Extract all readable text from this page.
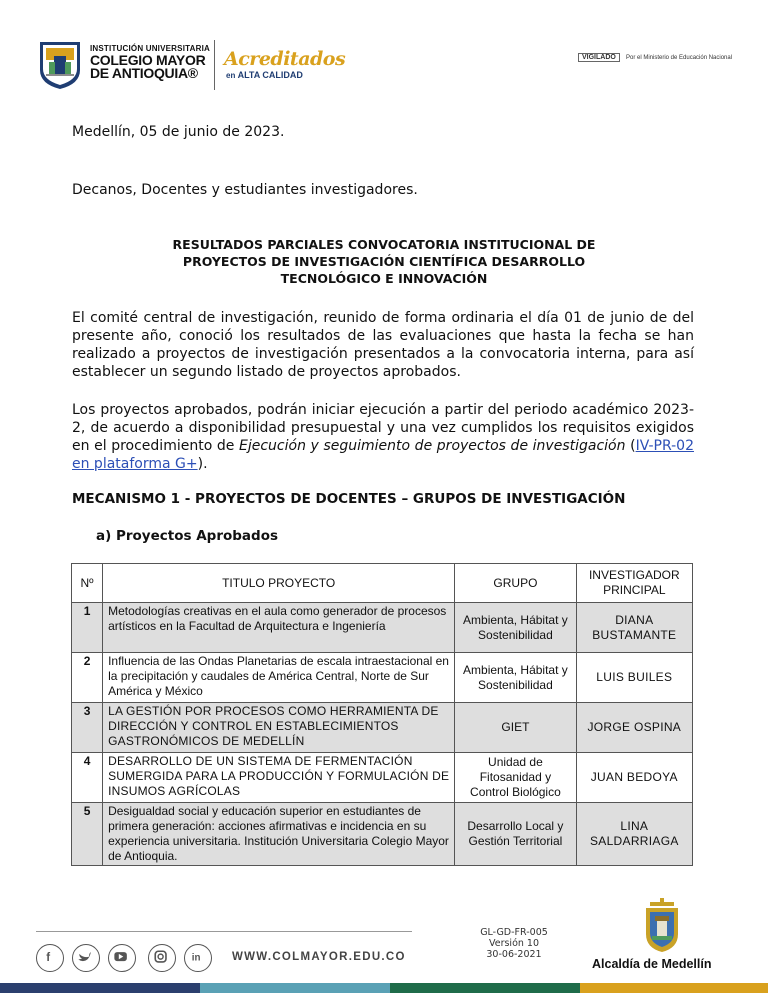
INSTITUCIÓN UNIVERSITARIA
COLEGIO MAYOR
DE ANTIOQUIA®
Acreditados
en ALTA CALIDAD
VIGILADO	Por el Ministerio de Educación Nacional
Medellín, 05 de junio de 2023.
Decanos, Docentes y estudiantes investigadores.
RESULTADOS PARCIALES CONVOCATORIA INSTITUCIONAL DE
PROYECTOS DE INVESTIGACIÓN CIENTÍFICA DESARROLLO
TECNOLÓGICO E INNOVACIÓN
El comité central de investigación, reunido de forma ordinaria el día 01 de junio de del presente año, conoció los resultados de las evaluaciones que hasta la fecha se han realizado a proyectos de investigación presentados a la convocatoria interna, para así establecer un segundo listado de proyectos aprobados.
Los proyectos aprobados, podrán iniciar ejecución a partir del periodo académico 2023-2, de acuerdo a disponibilidad presupuestal y una vez cumplidos los requisitos exigidos en el procedimiento de Ejecución y seguimiento de proyectos de investigación (IV-PR-02 en plataforma G+).
MECANISMO 1 - PROYECTOS DE DOCENTES – GRUPOS DE INVESTIGACIÓN
a) Proyectos Aprobados
Nº	TITULO PROYECTO	GRUPO	INVESTIGADOR PRINCIPAL
1	Metodologías creativas en el aula como generador de procesos artísticos en la Facultad de Arquitectura e Ingeniería	Ambienta, Hábitat y Sostenibilidad	DIANA BUSTAMANTE
2	Influencia de las Ondas Planetarias de escala intraestacional en la precipitación y caudales de América Central, Norte de Sur América y México	Ambienta, Hábitat y Sostenibilidad	LUIS BUILES
3	LA GESTIÓN POR PROCESOS COMO HERRAMIENTA DE DIRECCIÓN Y CONTROL EN ESTABLECIMIENTOS GASTRONÓMICOS DE MEDELLÍN	GIET	JORGE OSPINA
4	DESARROLLO DE UN SISTEMA DE FERMENTACIÓN SUMERGIDA PARA LA PRODUCCIÓN Y FORMULACIÓN DE INSUMOS AGRÍCOLAS	Unidad de Fitosanidad y Control Biológico	JUAN BEDOYA
5	Desigualdad social y educación superior en estudiantes de primera generación: acciones afirmativas e incidencia en su experiencia universitaria. Institución Universitaria Colegio Mayor de Antioquia.	Desarrollo Local y Gestión Territorial	LINA SALDARRIAGA
f	in	WWW.COLMAYOR.EDU.CO
GL-GD-FR-005
Versión 10
30-06-2021
Alcaldía de Medellín
